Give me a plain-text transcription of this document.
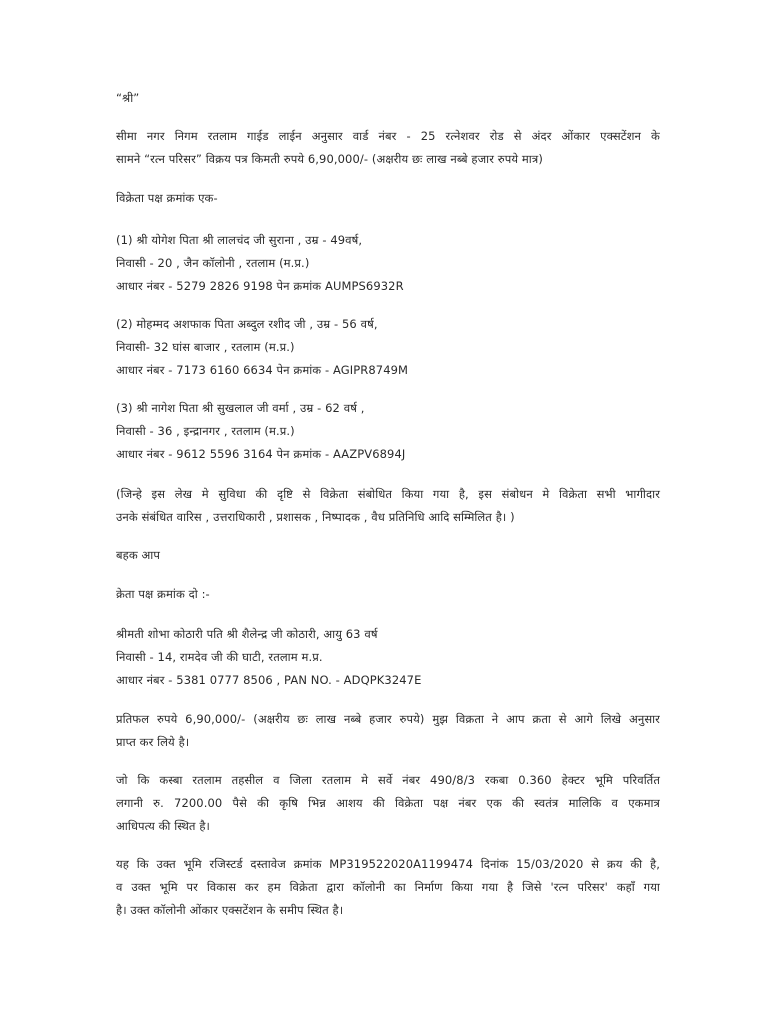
“श्री”
सीमा नगर निगम रतलाम गाईड लाईन अनुसार वार्ड नंबर - 25 रत्नेशवर रोड से अंदर ओंकार एक्सटेंशन के
सामने “रत्न परिसर” विक्रय पत्र किमती रुपये 6,90,000/- (अक्षरीय छः लाख नब्बे हजार रुपये मात्र)
विक्रेता पक्ष क्रमांक एक-
(1) श्री योगेश पिता श्री लालचंद जी सुराना , उम्र - 49वर्ष,
निवासी - 20 , जैन कॉलोनी , रतलाम (म.प्र.)
आधार नंबर - 5279 2826 9198 पेन क्रमांक AUMPS6932R
(2) मोहम्मद अशफाक पिता अब्दुल रशीद जी , उम्र - 56 वर्ष,
निवासी- 32 घांस बाजार , रतलाम (म.प्र.)
आधार नंबर - 7173 6160 6634 पेन क्रमांक - AGIPR8749M
(3) श्री नागेश पिता श्री सुखलाल जी वर्मा , उम्र - 62 वर्ष ,
निवासी - 36 , इन्द्रानगर , रतलाम (म.प्र.)
आधार नंबर - 9612 5596 3164 पेन क्रमांक - AAZPV6894J
(जिन्हे इस लेख मे सुविधा की दृष्टि से विक्रेता संबोधित किया गया है, इस संबोधन मे विक्रेता सभी भागीदार
उनके संबंधित वारिस , उत्तराधिकारी , प्रशासक , निष्पादक , वैध प्रतिनिधि आदि सम्मिलित है। )
बहक आप
क्रेता पक्ष क्रमांक दो :-
श्रीमती शोभा कोठारी पति श्री शैलेन्द्र जी कोठारी, आयु 63 वर्ष
निवासी - 14, रामदेव जी की घाटी, रतलाम म.प्र.
आधार नंबर - 5381 0777 8506 , PAN NO. - ADQPK3247E
प्रतिफल रुपये 6,90,000/- (अक्षरीय छः लाख नब्बे हजार रुपये) मुझ विक्रता ने आप क्रता से आगे लिखे अनुसार
प्राप्त कर लिये है।
जो कि कस्बा रतलाम तहसील व जिला रतलाम मे सर्वे नंबर 490/8/3 रकबा 0.360 हेक्टर भूमि परिवर्तित
लगानी रु. 7200.00 पैसे की कृषि भिन्न आशय की विक्रेता पक्ष नंबर एक की स्वतंत्र मालिकि व एकमात्र
आधिपत्य की स्थित है।
यह कि उक्त भूमि रजिस्टर्ड दस्तावेज क्रमांक MP319522020A1199474 दिनांक 15/03/2020 से क्रय की है,
व उक्त भूमि पर विकास कर हम विक्रेता द्वारा कॉलोनी का निर्माण किया गया है जिसे 'रत्न परिसर' कहाँ गया
है। उक्त कॉलोनी ओंकार एक्सटेंशन के समीप स्थित है।
